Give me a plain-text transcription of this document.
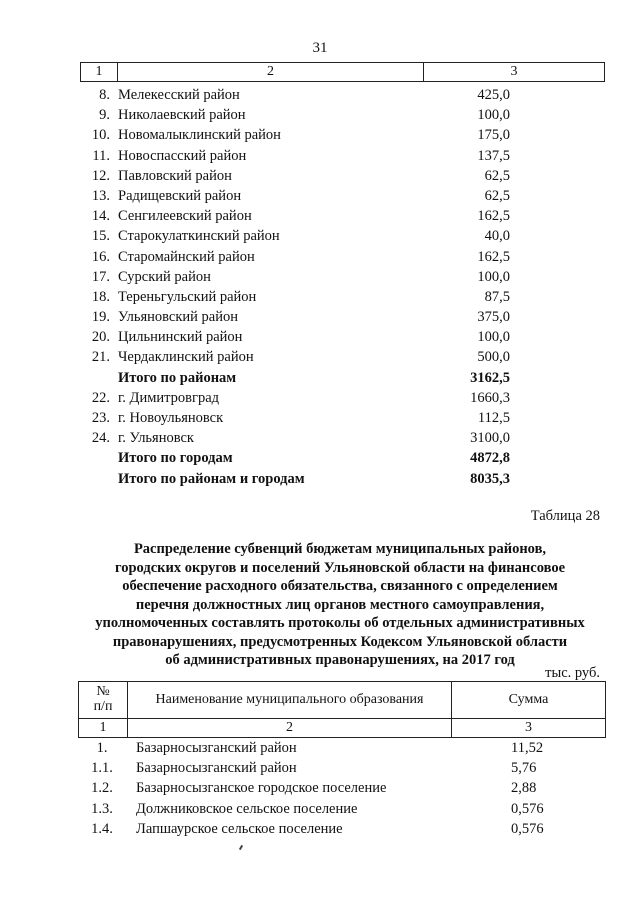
31
1	2	3
8. Мелекесский район	425,0
9. Николаевский район	100,0
10. Новомалыклинский район	175,0
11. Новоспасский район	137,5
12. Павловский район	62,5
13. Радищевский район	62,5
14. Сенгилеевский район	162,5
15. Старокулаткинский район	40,0
16. Старомайнский район	162,5
17. Сурский район	100,0
18. Тереньгульский район	87,5
19. Ульяновский район	375,0
20. Цильнинский район	100,0
21. Чердаклинский район	500,0
Итого по районам	3162,5
22. г. Димитровград	1660,3
23. г. Новоульяновск	112,5
24. г. Ульяновск	3100,0
Итого по городам	4872,8
Итого по районам и городам	8035,3
Таблица 28
Распределение субвенций бюджетам муниципальных районов,
городских округов и поселений Ульяновской области на финансовое
обеспечение расходного обязательства, связанного с определением
перечня должностных лиц органов местного самоуправления,
уполномоченных составлять протоколы об отдельных административных
правонарушениях, предусмотренных Кодексом Ульяновской области
об административных правонарушениях, на 2017 год
тыс. руб.
№
п/п	Наименование муниципального образования	Сумма
1	2	3
1.	Базарносызганский район	11,52
1.1.	Базарносызганский район	5,76
1.2.	Базарносызганское городское поселение	2,88
1.3.	Должниковское сельское поселение	0,576
1.4.	Лапшаурское сельское поселение	0,576
